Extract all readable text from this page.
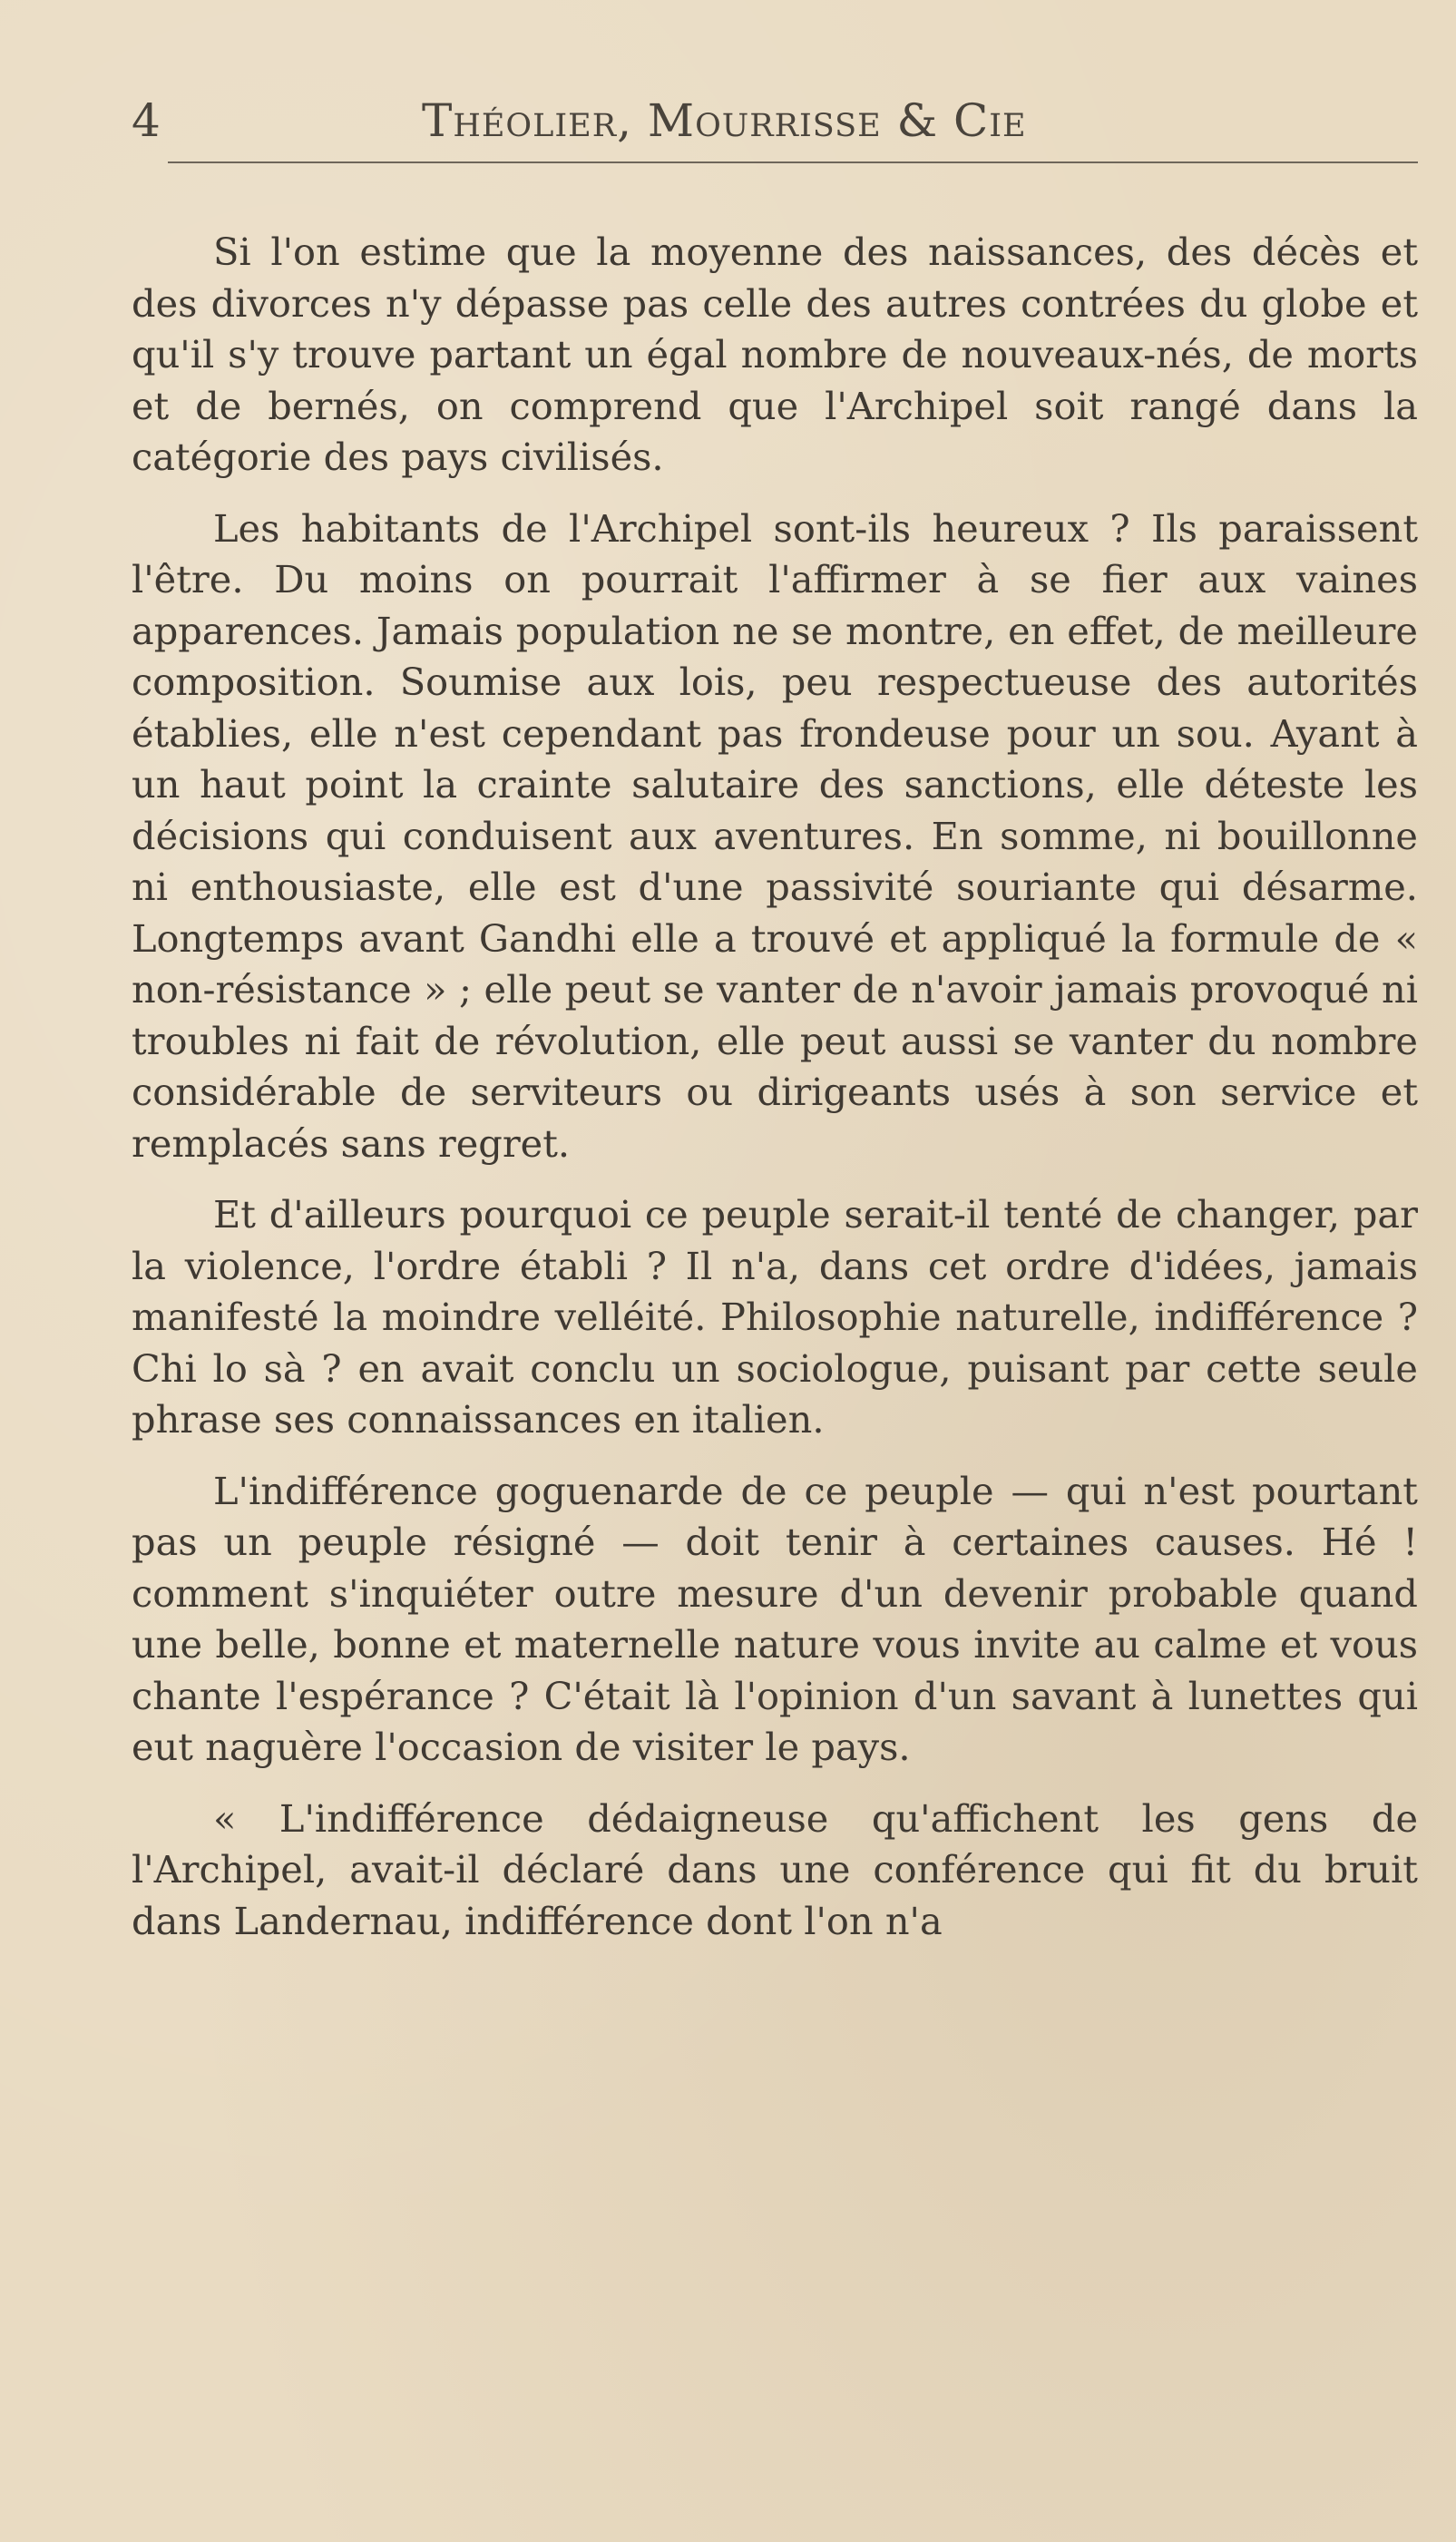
4	Théolier, Mourrisse & Cie

Si l'on estime que la moyenne des naissances, des décès et des divorces n'y dépasse pas celle des autres contrées du globe et qu'il s'y trouve partant un égal nombre de nouveaux-nés, de morts et de bernés, on comprend que l'Archipel soit rangé dans la catégorie des pays civilisés.

Les habitants de l'Archipel sont-ils heureux ? Ils paraissent l'être. Du moins on pourrait l'affirmer à se fier aux vaines apparences. Jamais population ne se montre, en effet, de meilleure composition. Soumise aux lois, peu respectueuse des autorités établies, elle n'est cependant pas frondeuse pour un sou. Ayant à un haut point la crainte salutaire des sanctions, elle déteste les décisions qui conduisent aux aventures. En somme, ni bouillonne ni enthousiaste, elle est d'une passivité souriante qui désarme. Longtemps avant Gandhi elle a trouvé et appliqué la formule de « non-résistance » ; elle peut se vanter de n'avoir jamais provoqué ni troubles ni fait de révolution, elle peut aussi se vanter du nombre considérable de serviteurs ou dirigeants usés à son service et remplacés sans regret.

Et d'ailleurs pourquoi ce peuple serait-il tenté de changer, par la violence, l'ordre établi ? Il n'a, dans cet ordre d'idées, jamais manifesté la moindre velléité. Philosophie naturelle, indifférence ? Chi lo sà ? en avait conclu un sociologue, puisant par cette seule phrase ses connaissances en italien.

L'indifférence goguenarde de ce peuple — qui n'est pourtant pas un peuple résigné — doit tenir à certaines causes. Hé ! comment s'inquiéter outre mesure d'un devenir probable quand une belle, bonne et maternelle nature vous invite au calme et vous chante l'espérance ? C'était là l'opinion d'un savant à lunettes qui eut naguère l'occasion de visiter le pays.

« L'indifférence dédaigneuse qu'affichent les gens de l'Archipel, avait-il déclaré dans une conférence qui fit du bruit dans Landernau, indifférence dont l'on n'a
